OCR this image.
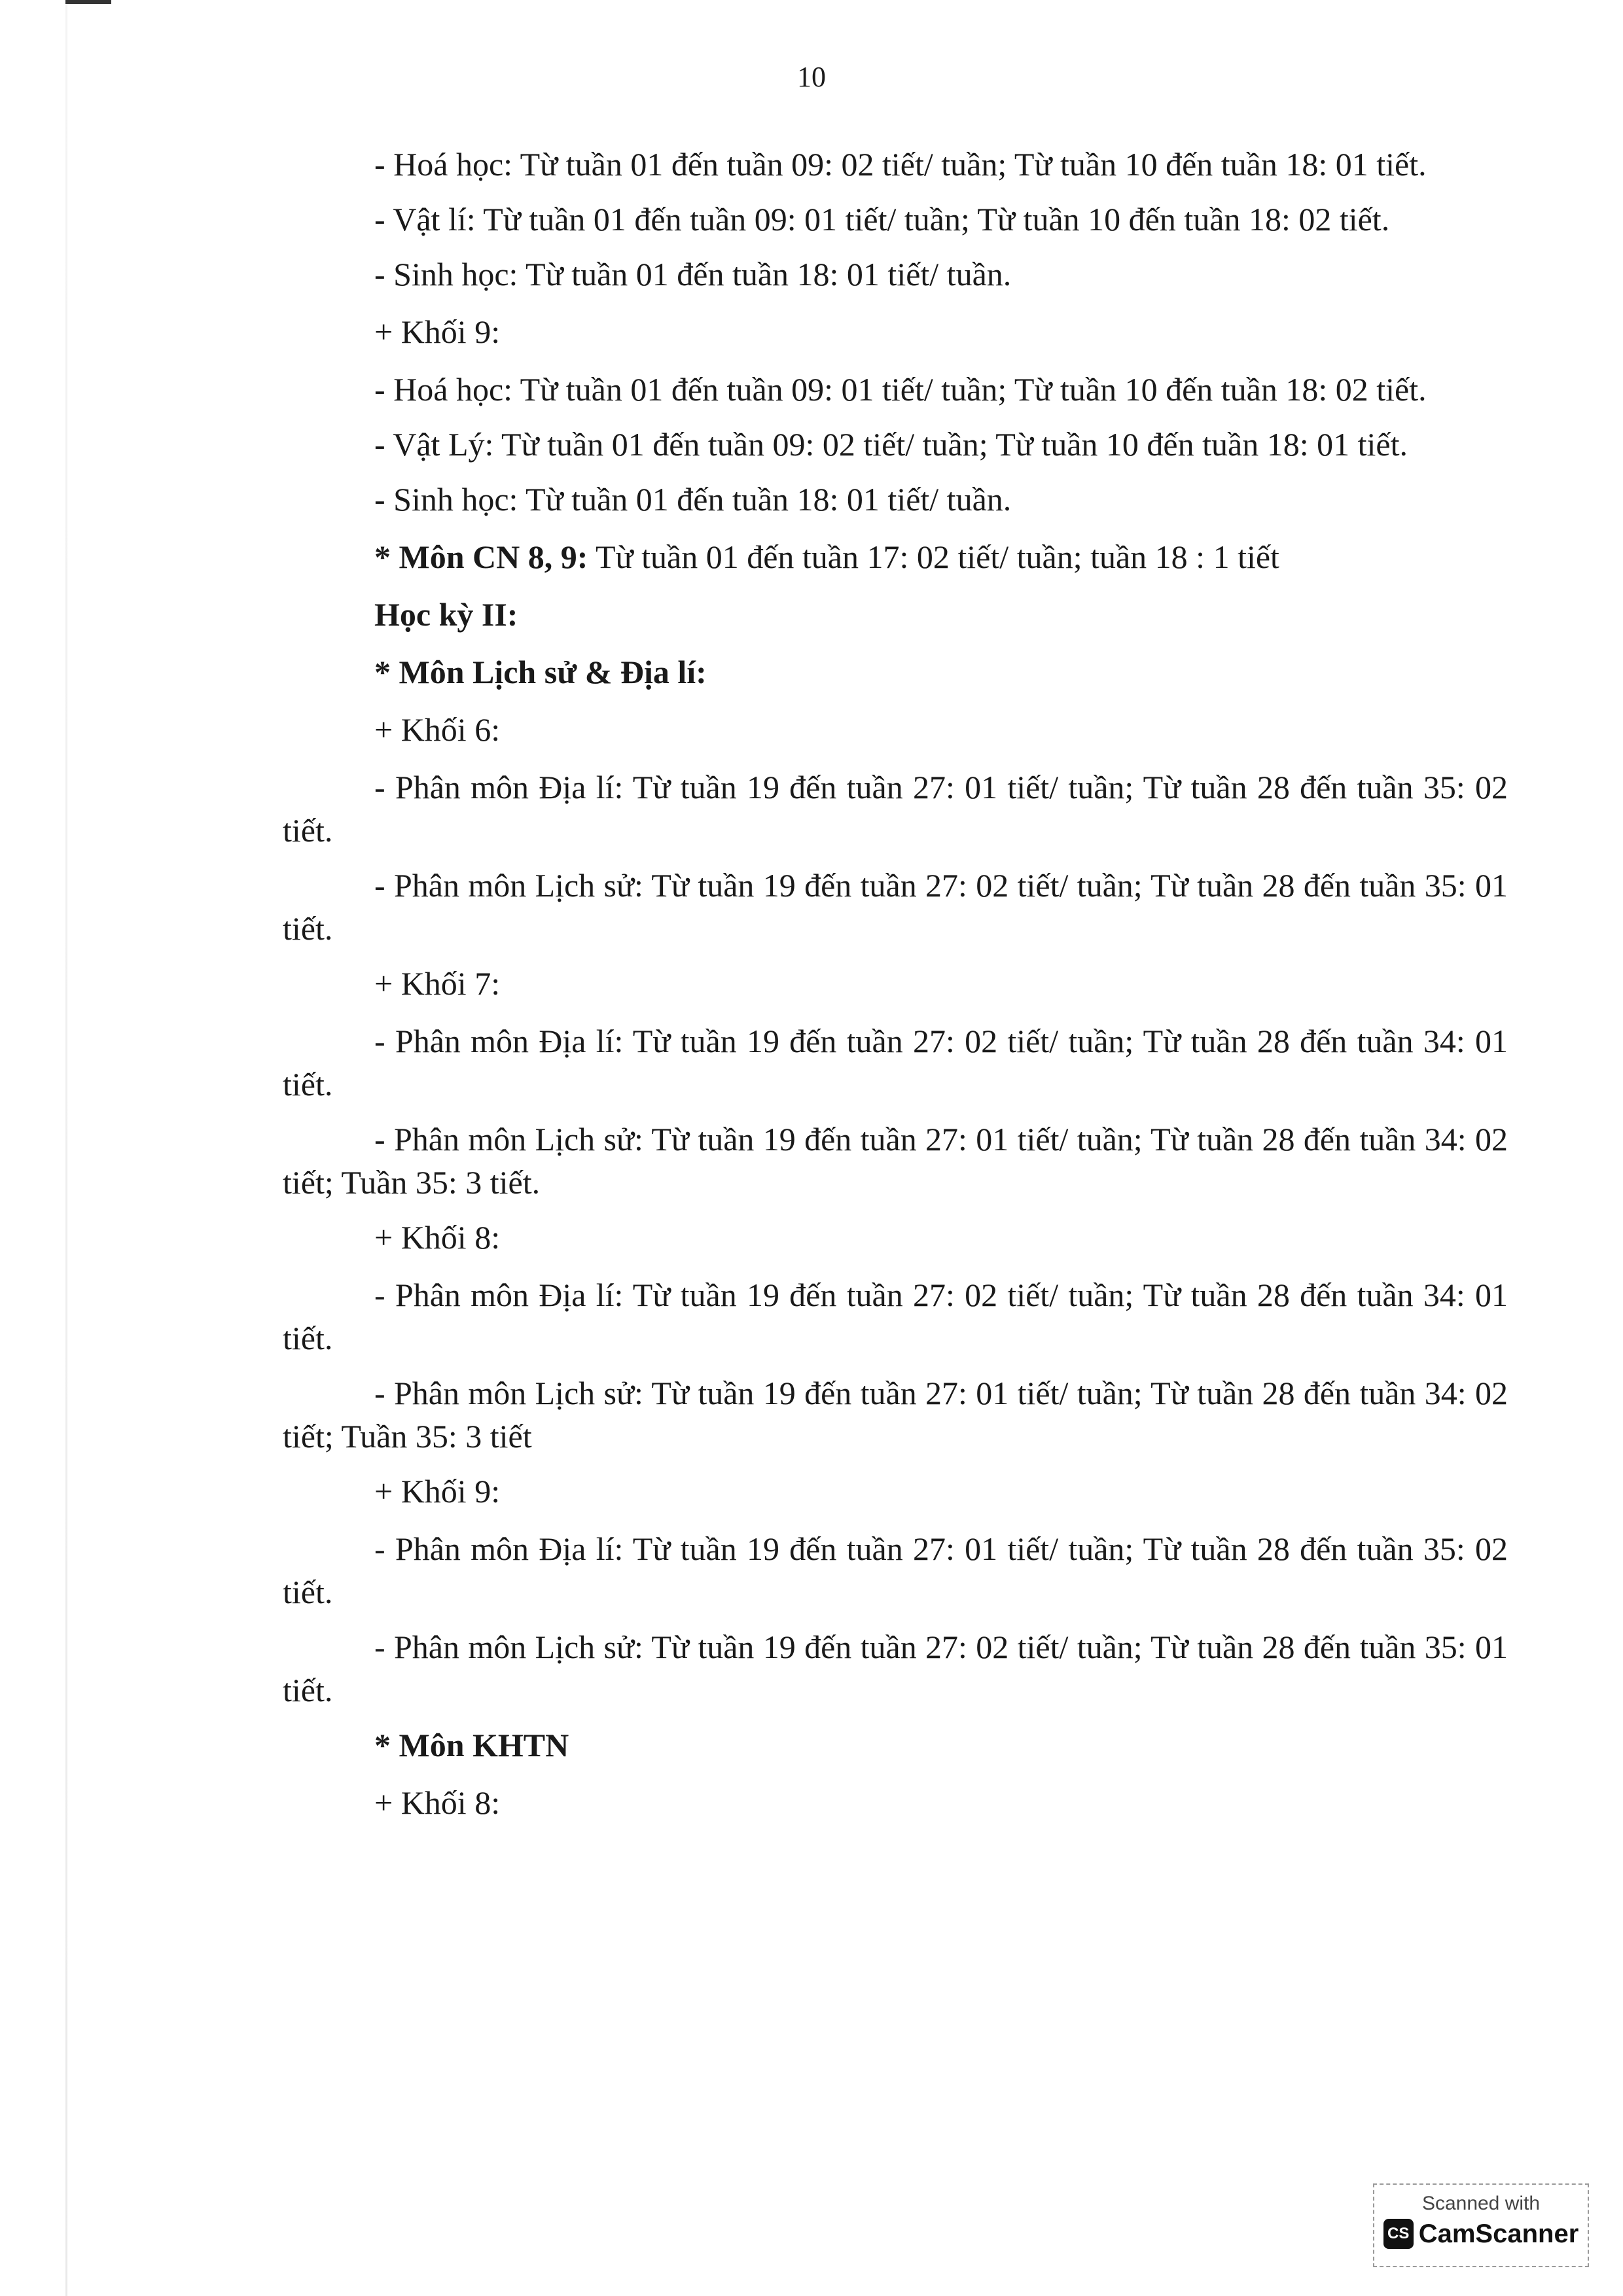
10

- Hoá học: Từ tuần 01 đến tuần 09: 02 tiết/ tuần; Từ tuần 10 đến tuần 18: 01 tiết.

- Vật lí: Từ tuần 01 đến tuần 09: 01 tiết/ tuần; Từ tuần 10 đến tuần 18: 02 tiết.

- Sinh học: Từ tuần 01 đến tuần 18: 01 tiết/ tuần.

+ Khối 9:

- Hoá học: Từ tuần 01 đến tuần 09: 01 tiết/ tuần; Từ tuần 10 đến tuần 18: 02 tiết.

- Vật Lý: Từ tuần 01 đến tuần 09: 02 tiết/ tuần; Từ tuần 10 đến tuần 18: 01 tiết.

- Sinh học: Từ tuần 01 đến tuần 18: 01 tiết/ tuần.

* Môn CN 8, 9: Từ tuần 01 đến tuần 17: 02 tiết/ tuần; tuần 18 : 1 tiết

Học kỳ II:

* Môn Lịch sử & Địa lí:

+ Khối 6:

- Phân môn Địa lí: Từ tuần 19 đến tuần 27: 01 tiết/ tuần; Từ tuần 28 đến tuần 35: 02 tiết.

- Phân môn Lịch sử: Từ tuần 19 đến tuần 27: 02 tiết/ tuần; Từ tuần 28 đến tuần 35: 01 tiết.

+ Khối 7:

- Phân môn Địa lí: Từ tuần 19 đến tuần 27: 02 tiết/ tuần; Từ tuần 28 đến tuần 34: 01 tiết.

- Phân môn Lịch sử: Từ tuần 19 đến tuần 27: 01 tiết/ tuần; Từ tuần 28 đến tuần 34: 02 tiết; Tuần 35: 3 tiết.

+ Khối 8:

- Phân môn Địa lí: Từ tuần 19 đến tuần 27: 02 tiết/ tuần; Từ tuần 28 đến tuần 34: 01 tiết.

- Phân môn Lịch sử: Từ tuần 19 đến tuần 27: 01 tiết/ tuần; Từ tuần 28 đến tuần 34: 02 tiết; Tuần 35: 3 tiết

+ Khối 9:

- Phân môn Địa lí: Từ tuần 19 đến tuần 27: 01 tiết/ tuần; Từ tuần 28 đến tuần 35: 02 tiết.

- Phân môn Lịch sử: Từ tuần 19 đến tuần 27: 02 tiết/ tuần; Từ tuần 28 đến tuần 35: 01 tiết.

* Môn KHTN

+ Khối 8:

Scanned with
CS CamScanner
